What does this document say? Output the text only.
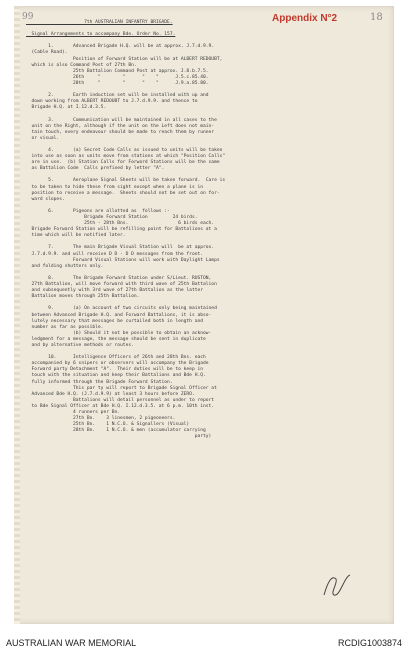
99	Appendix N°2	18
7th AUSTRALIAN INFANTRY BRIGADE.

Signal Arrangements to accompany Bde. Order No. 157.

1.       Advanced Brigade H.Q. will be at approx. J.7.d.9.9.
(Cable Road).
Position of Forward Station will be at ALBERT REDOUBT,
which is also Command Post of 27th Bn.
25th Battalion Command Post at approx. J.8.b.7.5.
26th     "        "      "    "      J.5.c.85.40.
28th     "        "      "    "      J.9.a.85.80.

2.       Earth induction set will be installed with up and
down working from ALBERT REDOUBT to J.7.d.9.9. and thence to
Brigade H.Q. at I.12.d.3.5.

3.       Communication will be maintained in all cases to the
unit on the Right, although if the unit on the Left does not main-
tain touch, every endeavour should be made to reach them by runner
or visual.

4.       (a) Secret Code Calls as issued to units will be taken
into use as soon as units move from stations at which "Position Calls"
are in use.  (b) Station Calls for Forward Stations will be the same
as Battalion Code  Calls prefixed by letter "A".

5.       Aeroplane Signal Sheets will be taken forward.  Care is
to be taken to hide these from sight except when a plane is in
position to receive a message.  Sheets should not be set out on for-
ward slopes.

6.       Pigeons are allotted as  follows :-
Brigade Forward Station         24 birds.
25th - 28th Bns.                  6 birds each.
Brigade Forward Station will be refilling point for Battalions at a
time which will be notified later.

7.       The main Brigade Visual Station will  be at approx.
J.7.d.9.9. and will receive D D - D D messages from the front.
Forward Visual Stations will work with Daylight Lamps
and folding shutters only.

8.       The Brigade Forward Station under S/Lieut. RUSTON,
27th Battalion, will move forward with third wave of 25th Battalion
and subsequently with 3rd wave of 27th Battalion as the latter
Battalion moves through 25th Battalion.

9.       (a) On account of two circuits only being maintained
between Advanced Brigade H.Q. and Forward Battalions, it is abso-
lutely necessary that messages be curtailed both in length and
number as far as possible.
(b) Should it not be possible to obtain an acknow-
ledgment for a message, the message should be sent in duplicate
and by alternative methods or routes.

10.      Intelligence Officers of 26th and 28th Bns. each
accompanied by 6 snipers or observers will accompany the Brigade
Forward party Detachment "A".  Their duties will be to keep in
touch with the situation and keep their Battalions and Bde H.Q.
fully informed through the Brigade Forward Station.
This par ty will report to Brigade Signal Officer at
Advanced Bde H.Q. (J.7.d.9.9) at least 3 hours before ZERO.
Battalions will detail personnel as under to report
to Bde Signal Officer at Bde H.Q. I.12.d.3.5. at 6 p.m. 10th inst.
4 runners per Bn.
27th Bn.    3 linesmen, 2 pigeoneers.
25th Bn.    1 N.C.O. & Signallers (Visual)
28th Bn.    1 N.C.O. & men (accumulator carrying
party)
AUSTRALIAN WAR MEMORIAL	RCDIG1003874
